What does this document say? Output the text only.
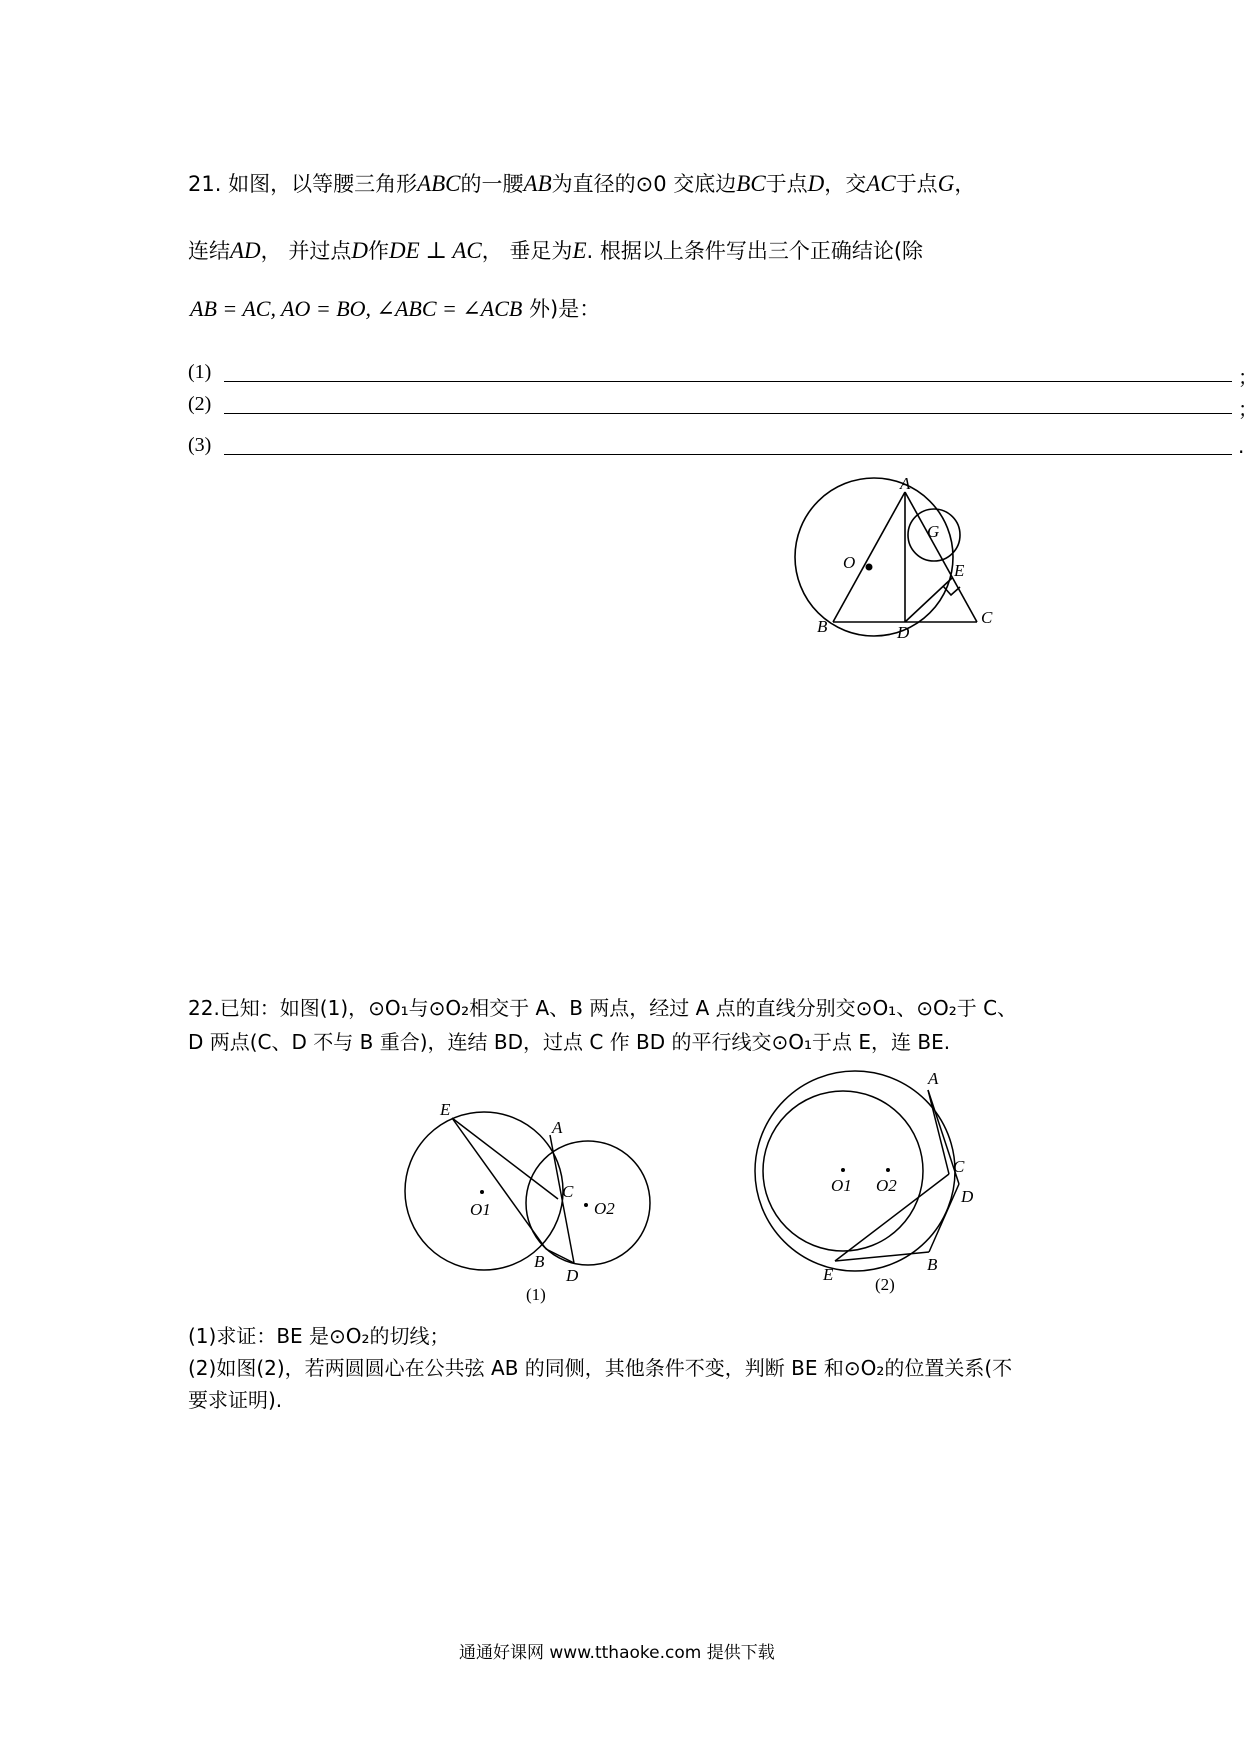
21. 如图，以等腰三角形ABC的一腰AB为直径的⊙0 交底边BC于点D，交AC于点G，
连结AD， 并过点D作DE ⊥ AC， 垂足为E. 根据以上条件写出三个正确结论(除
AB = AC, AO = BO, ∠ABC = ∠ACB 外)是：
(1)	；
(2)	；
(3)	.
A
O
G
E
B	D
C
22.已知：如图(1)，⊙O₁与⊙O₂相交于 A、B 两点，经过 A 点的直线分别交⊙O₁、⊙O₂于 C、
D 两点(C、D 不与 B 重合)，连结 BD，过点 C 作 BD 的平行线交⊙O₁于点 E，连 BE.
E
A
C
O1	O2
B
D
(1)
A
O1 O2
C
D
B
E
(2)
(1)求证：BE 是⊙O₂的切线；
(2)如图(2)，若两圆圆心在公共弦 AB 的同侧，其他条件不变，判断 BE 和⊙O₂的位置关系(不
要求证明).
通通好课网 www.tthaoke.com 提供下载
